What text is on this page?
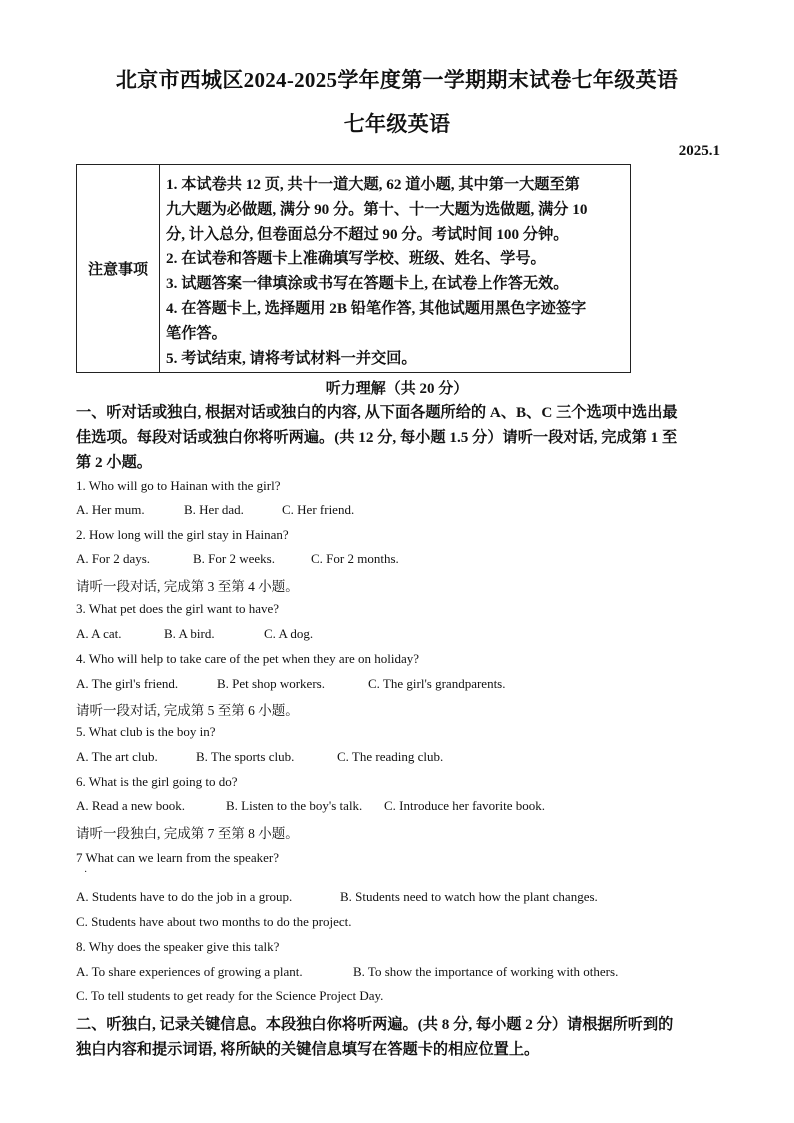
北京市西城区2024-2025学年度第一学期期末试卷七年级英语
七年级英语
2025.1
注意事项
1. 本试卷共 12 页, 共十一道大题, 62 道小题, 其中第一大题至第
九大题为必做题, 满分 90 分。第十、十一大题为选做题, 满分 10
分, 计入总分, 但卷面总分不超过 90 分。考试时间 100 分钟。
2. 在试卷和答题卡上准确填写学校、班级、姓名、学号。
3. 试题答案一律填涂或书写在答题卡上, 在试卷上作答无效。
4. 在答题卡上, 选择题用 2B 铅笔作答, 其他试题用黑色字迹签字
笔作答。
5. 考试结束, 请将考试材料一并交回。
听力理解（共 20 分）
一、听对话或独白, 根据对话或独白的内容, 从下面各题所给的 A、B、C 三个选项中选出最
佳选项。每段对话或独白你将听两遍。(共 12 分, 每小题 1.5 分）请听一段对话, 完成第 1 至
第 2 小题。
1. Who will go to Hainan with the girl?
A. Her mum.	B. Her dad.	C. Her friend.
2. How long will the girl stay in Hainan?
A. For 2 days.	B. For 2 weeks.	C. For 2 months.
请听一段对话, 完成第 3 至第 4 小题。
3. What pet does the girl want to have?
A. A cat.	B. A bird.	C. A dog.
4. Who will help to take care of the pet when they are on holiday?
A. The girl's friend.	B. Pet shop workers.	C. The girl's grandparents.
请听一段对话, 完成第 5 至第 6 小题。
5. What club is the boy in?
A. The art club.	B. The sports club.	C. The reading club.
6. What is the girl going to do?
A. Read a new book.	B. Listen to the boy's talk. C. Introduce her favorite book.
请听一段独白, 完成第 7 至第 8 小题。
7 What can we learn from the speaker?
·
A. Students have to do the job in a group.	B. Students need to watch how the plant changes.
C. Students have about two months to do the project.
8. Why does the speaker give this talk?
A. To share experiences of growing a plant.	B. To show the importance of working with others.
C. To tell students to get ready for the Science Project Day.
二、听独白, 记录关键信息。本段独白你将听两遍。(共 8 分, 每小题 2 分）请根据所听到的
独白内容和提示词语, 将所缺的关键信息填写在答题卡的相应位置上。
